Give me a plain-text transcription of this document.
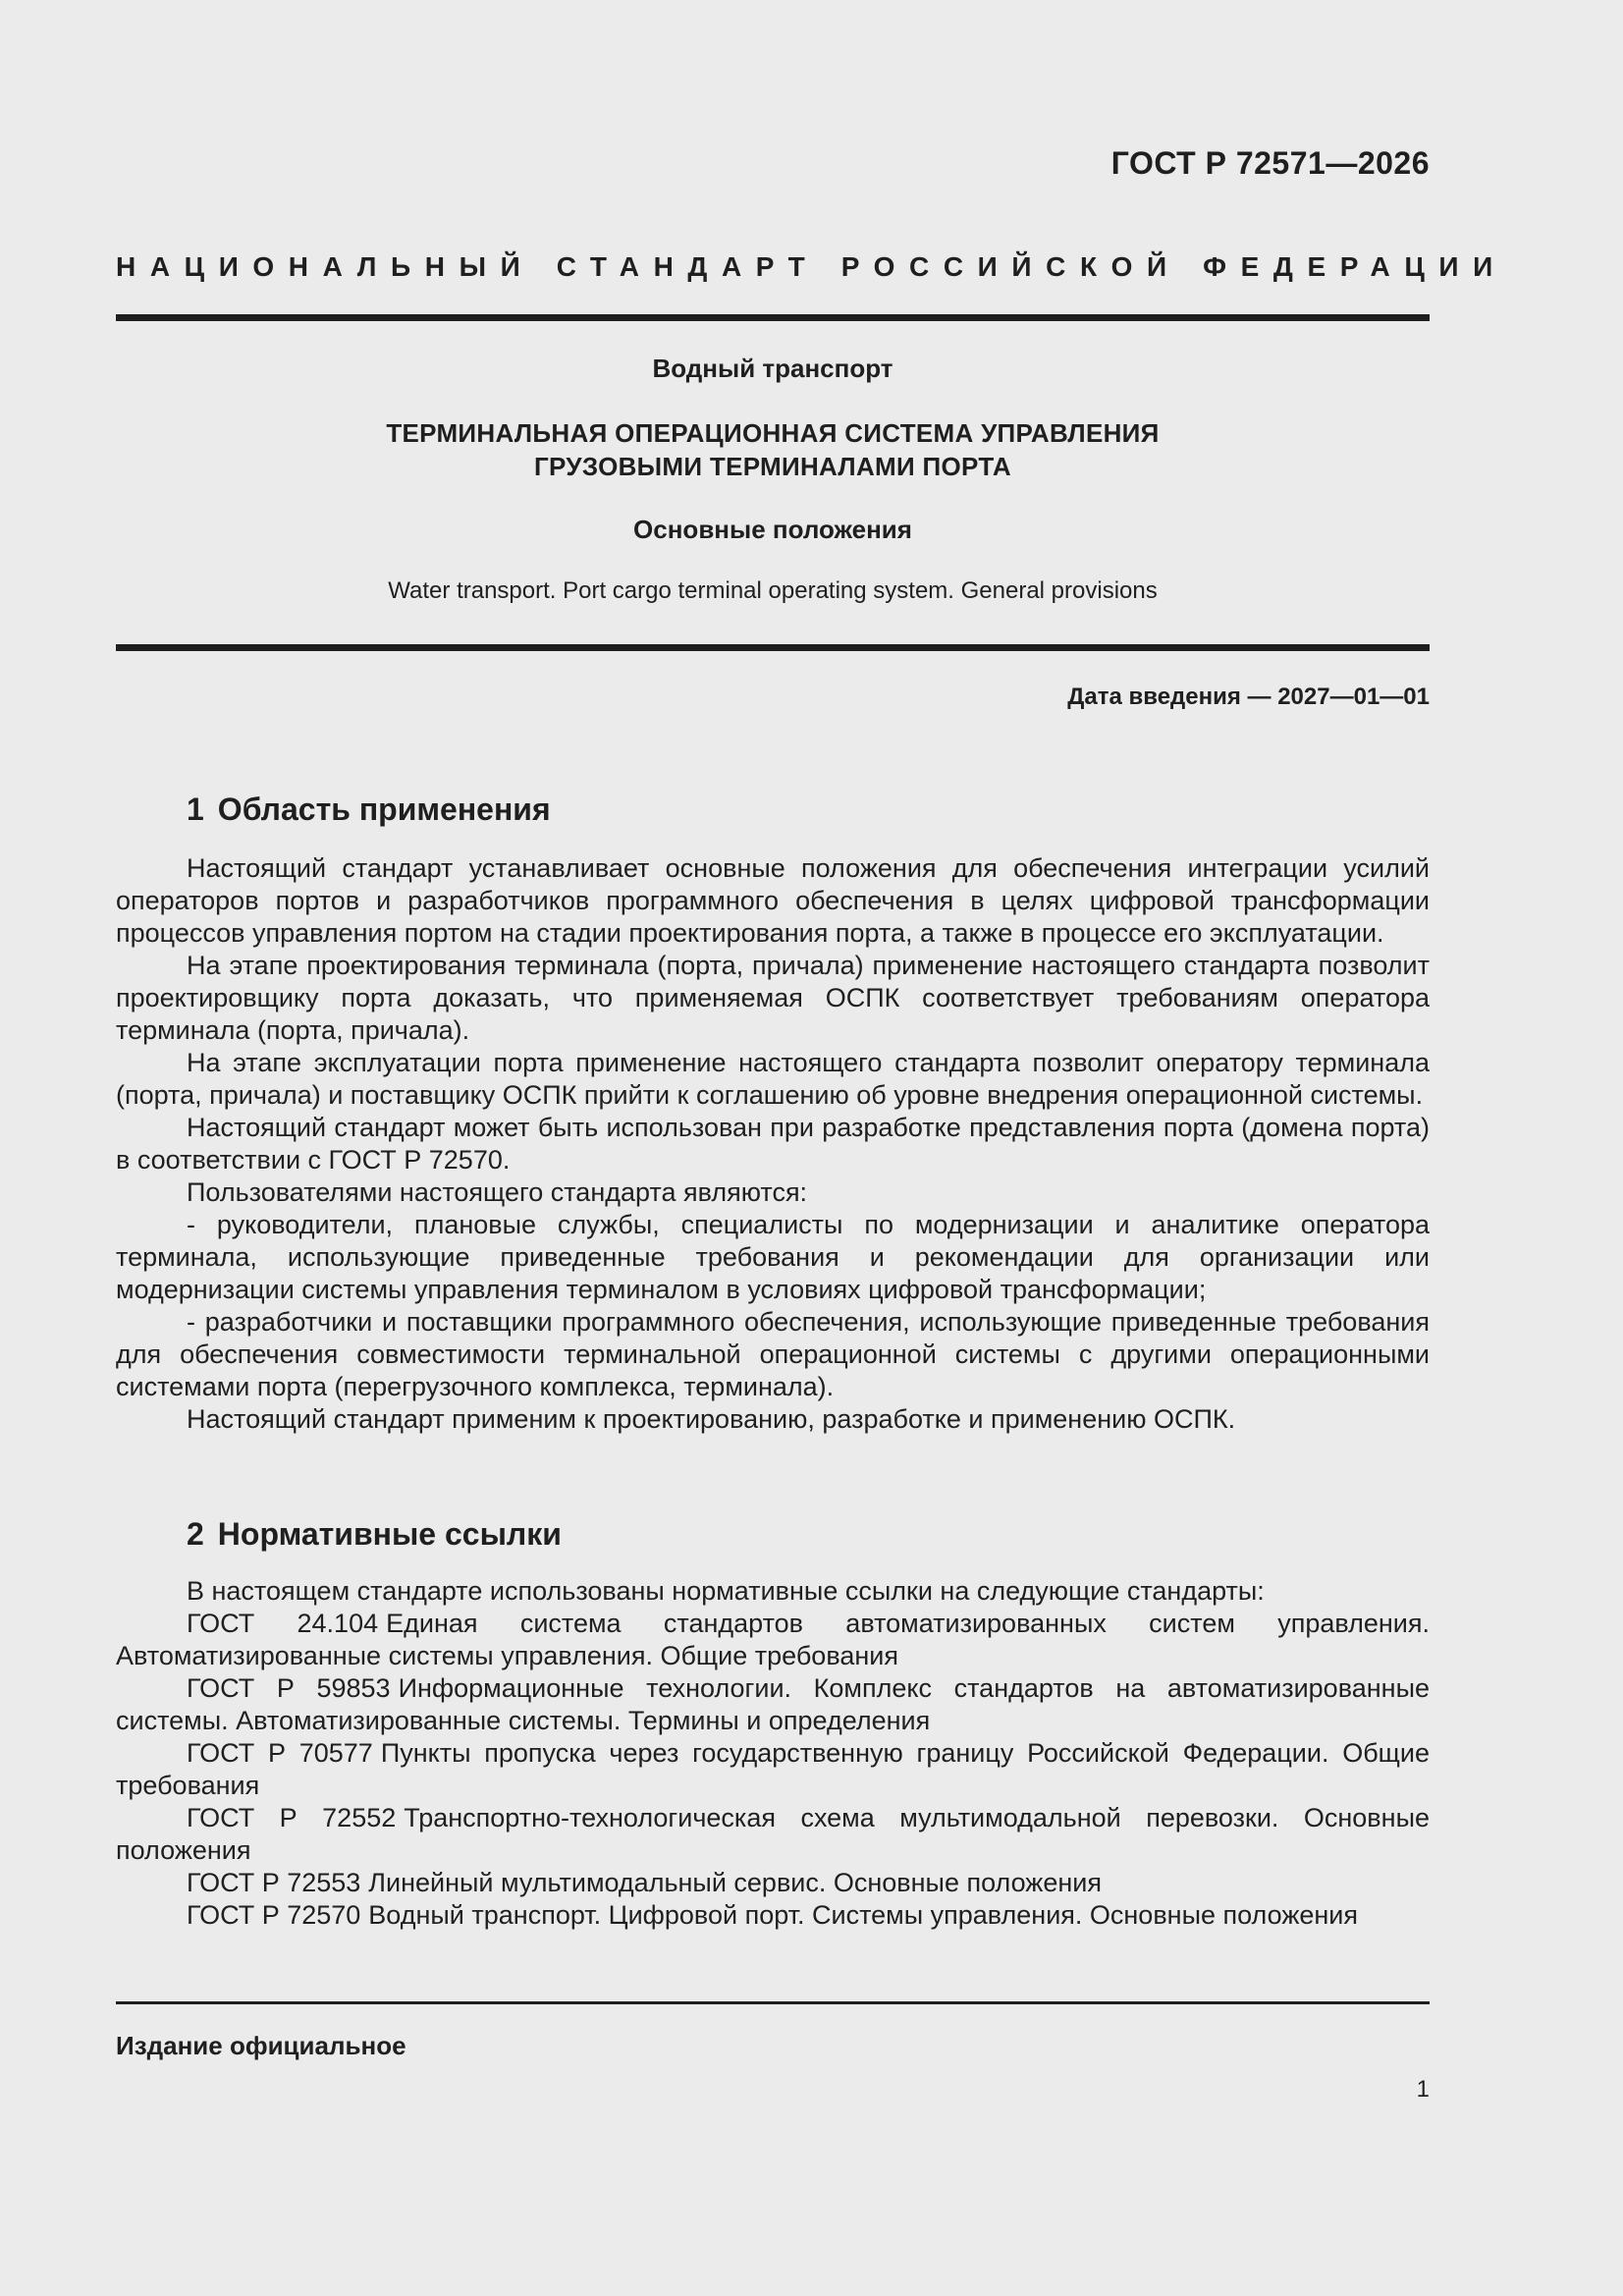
ГОСТ Р 72571—2026
НАЦИОНАЛЬНЫЙ СТАНДАРТ РОССИЙСКОЙ ФЕДЕРАЦИИ
Водный транспорт
ТЕРМИНАЛЬНАЯ ОПЕРАЦИОННАЯ СИСТЕМА УПРАВЛЕНИЯ
ГРУЗОВЫМИ ТЕРМИНАЛАМИ ПОРТА
Основные положения
Water transport. Port cargo terminal operating system. General provisions
Дата введения — 2027—01—01
1 Область применения

Настоящий стандарт устанавливает основные положения для обеспечения интеграции усилий операторов портов и разработчиков программного обеспечения в целях цифровой трансформации процессов управления портом на стадии проектирования порта, а также в процессе его эксплуатации.

На этапе проектирования терминала (порта, причала) применение настоящего стандарта позволит проектировщику порта доказать, что применяемая ОСПК соответствует требованиям оператора терминала (порта, причала).

На этапе эксплуатации порта применение настоящего стандарта позволит оператору терминала (порта, причала) и поставщику ОСПК прийти к соглашению об уровне внедрения операционной системы.

Настоящий стандарт может быть использован при разработке представления порта (домена порта) в соответствии с ГОСТ Р 72570.

Пользователями настоящего стандарта являются:

- руководители, плановые службы, специалисты по модернизации и аналитике оператора терминала, использующие приведенные требования и рекомендации для организации или модернизации системы управления терминалом в условиях цифровой трансформации;

- разработчики и поставщики программного обеспечения, использующие приведенные требования для обеспечения совместимости терминальной операционной системы с другими операционными системами порта (перегрузочного комплекса, терминала).

Настоящий стандарт применим к проектированию, разработке и применению ОСПК.

2 Нормативные ссылки

В настоящем стандарте использованы нормативные ссылки на следующие стандарты:

ГОСТ 24.104 Единая система стандартов автоматизированных систем управления. Автоматизированные системы управления. Общие требования

ГОСТ Р 59853 Информационные технологии. Комплекс стандартов на автоматизированные системы. Автоматизированные системы. Термины и определения

ГОСТ Р 70577 Пункты пропуска через государственную границу Российской Федерации. Общие требования

ГОСТ Р 72552 Транспортно-технологическая схема мультимодальной перевозки. Основные положения

ГОСТ Р 72553 Линейный мультимодальный сервис. Основные положения

ГОСТ Р 72570 Водный транспорт. Цифровой порт. Системы управления. Основные положения

Издание официальное
1
